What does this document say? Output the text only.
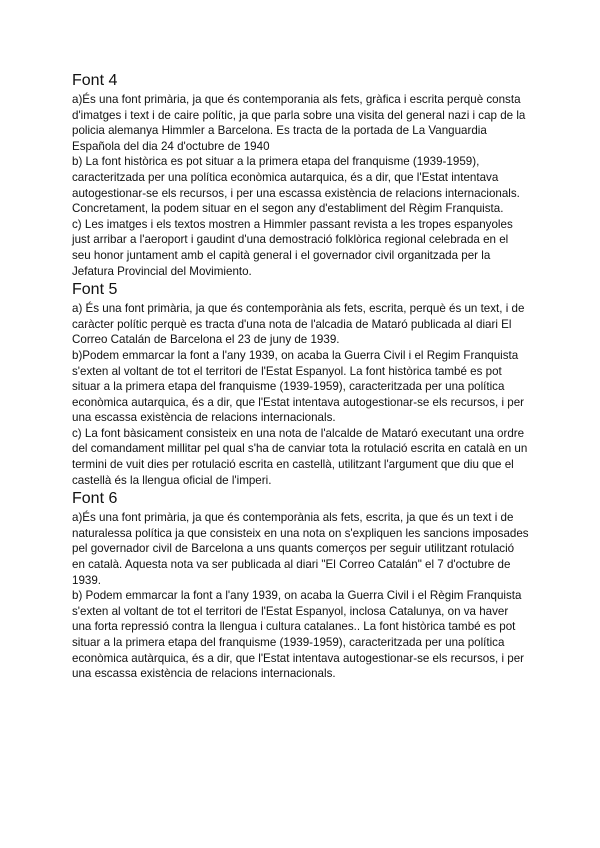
Font 4

a)És una font primària, ja que és contemporania als fets, gràfica i escrita perquè consta d'imatges i text i de caire polític, ja que parla sobre una visita del general nazi i cap de la policia alemanya Himmler a Barcelona. Es tracta de la portada de La Vanguardia Española del dia 24 d'octubre de 1940

b) La font històrica es pot situar a la primera etapa del franquisme (1939-1959), caracteritzada per una política econòmica autarquica, és a dir, que l'Estat intentava autogestionar-se els recursos, i per una escassa existència de relacions internacionals. Concretament, la podem situar en el segon any d'establiment del Règim Franquista.

c) Les imatges i els textos mostren a Himmler passant revista a les tropes espanyoles just arribar a l'aeroport i gaudint d'una demostració folklòrica regional celebrada en el seu honor juntament amb el capità general i el governador civil organitzada per la Jefatura Provincial del Movimiento.

Font 5

a) És una font primària, ja que és contemporània als fets, escrita, perquè és un text, i de caràcter polític perquè es tracta d'una nota de l'alcadia de Mataró publicada al diari El Correo Catalán de Barcelona el 23 de juny de 1939.

b)Podem emmarcar la font a l'any 1939, on acaba la Guerra Civil i el Regim Franquista s'exten al voltant de tot el territori de l'Estat Espanyol. La font històrica també es pot situar a la primera etapa del franquisme (1939-1959), caracteritzada per una política econòmica autarquica, és a dir, que l'Estat intentava autogestionar-se els recursos, i per una escassa existència de relacions internacionals.

c) La font bàsicament consisteix en una nota de l'alcalde de Mataró executant una ordre del comandament millitar pel qual s'ha de canviar tota la rotulació escrita en català en un termini de vuit dies per rotulació escrita en castellà, utilitzant l'argument que diu que el castellà és la llengua oficial de l'imperi.

Font 6

a)És una font primària, ja que és contemporània als fets, escrita, ja que és un text i de naturalessa política ja que consisteix en una nota on s'expliquen les sancions imposades pel governador civil de Barcelona a uns quants comerços per seguir utilitzant rotulació en català. Aquesta nota va ser publicada al diari "El Correo Catalán" el 7 d'octubre de 1939.

b) Podem emmarcar la font a l'any 1939, on acaba la Guerra Civil i el Règim Franquista s'exten al voltant de tot el territori de l'Estat Espanyol, inclosa Catalunya, on va haver una forta repressió contra la llengua i cultura catalanes.. La font històrica també es pot situar a la primera etapa del franquisme (1939-1959), caracteritzada per una política econòmica autàrquica, és a dir, que l'Estat intentava autogestionar-se els recursos, i per una escassa existència de relacions internacionals.
